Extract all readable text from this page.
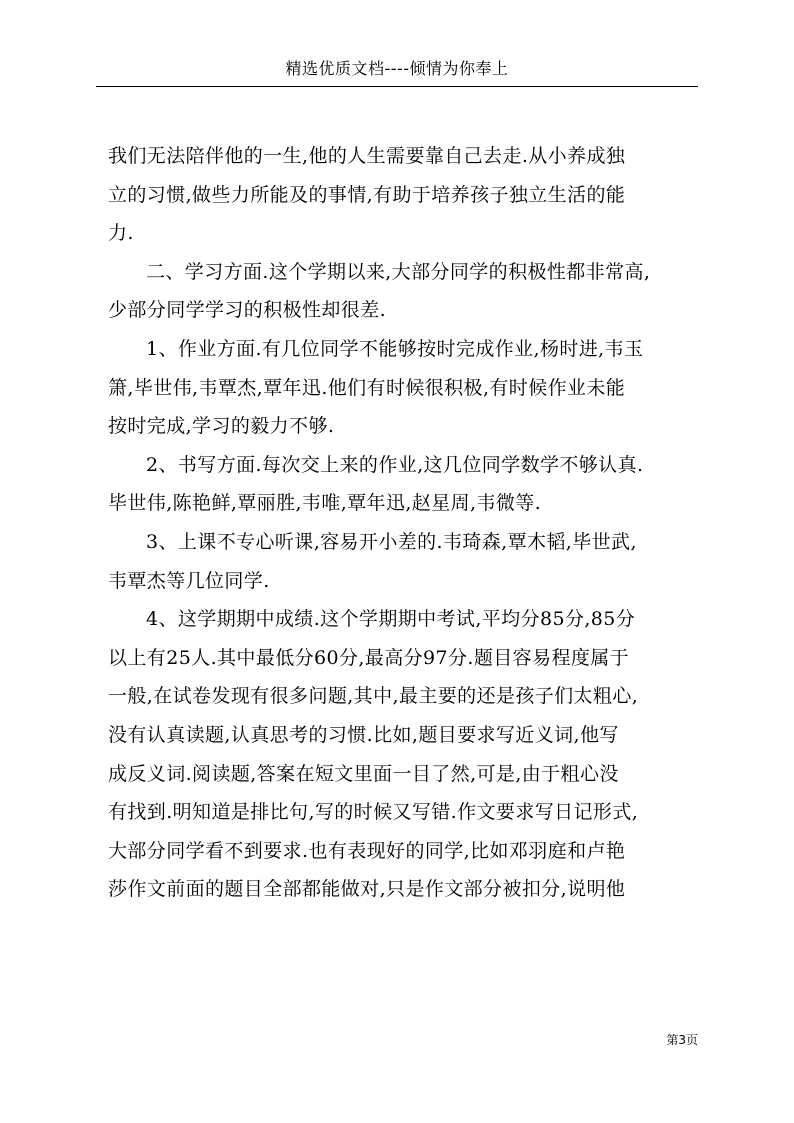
精选优质文档----倾情为你奉上
我们无法陪伴他的一生,他的人生需要靠自己去走.从小养成独
立的习惯,做些力所能及的事情,有助于培养孩子独立生活的能
力.
二、学习方面.这个学期以来,大部分同学的积极性都非常高,
少部分同学学习的积极性却很差.
1、作业方面.有几位同学不能够按时完成作业,杨时进,韦玉
箫,毕世伟,韦覃杰,覃年迅.他们有时候很积极,有时候作业未能
按时完成,学习的毅力不够.
2、书写方面.每次交上来的作业,这几位同学数学不够认真.
毕世伟,陈艳鲜,覃丽胜,韦唯,覃年迅,赵星周,韦微等.
3、上课不专心听课,容易开小差的.韦琦森,覃木韬,毕世武,
韦覃杰等几位同学.
4、这学期期中成绩.这个学期期中考试,平均分85分,85分
以上有25人.其中最低分60分,最高分97分.题目容易程度属于
一般,在试卷发现有很多问题,其中,最主要的还是孩子们太粗心,
没有认真读题,认真思考的习惯.比如,题目要求写近义词,他写
成反义词.阅读题,答案在短文里面一目了然,可是,由于粗心没
有找到.明知道是排比句,写的时候又写错.作文要求写日记形式,
大部分同学看不到要求.也有表现好的同学,比如邓羽庭和卢艳
莎作文前面的题目全部都能做对,只是作文部分被扣分,说明他
第3页
